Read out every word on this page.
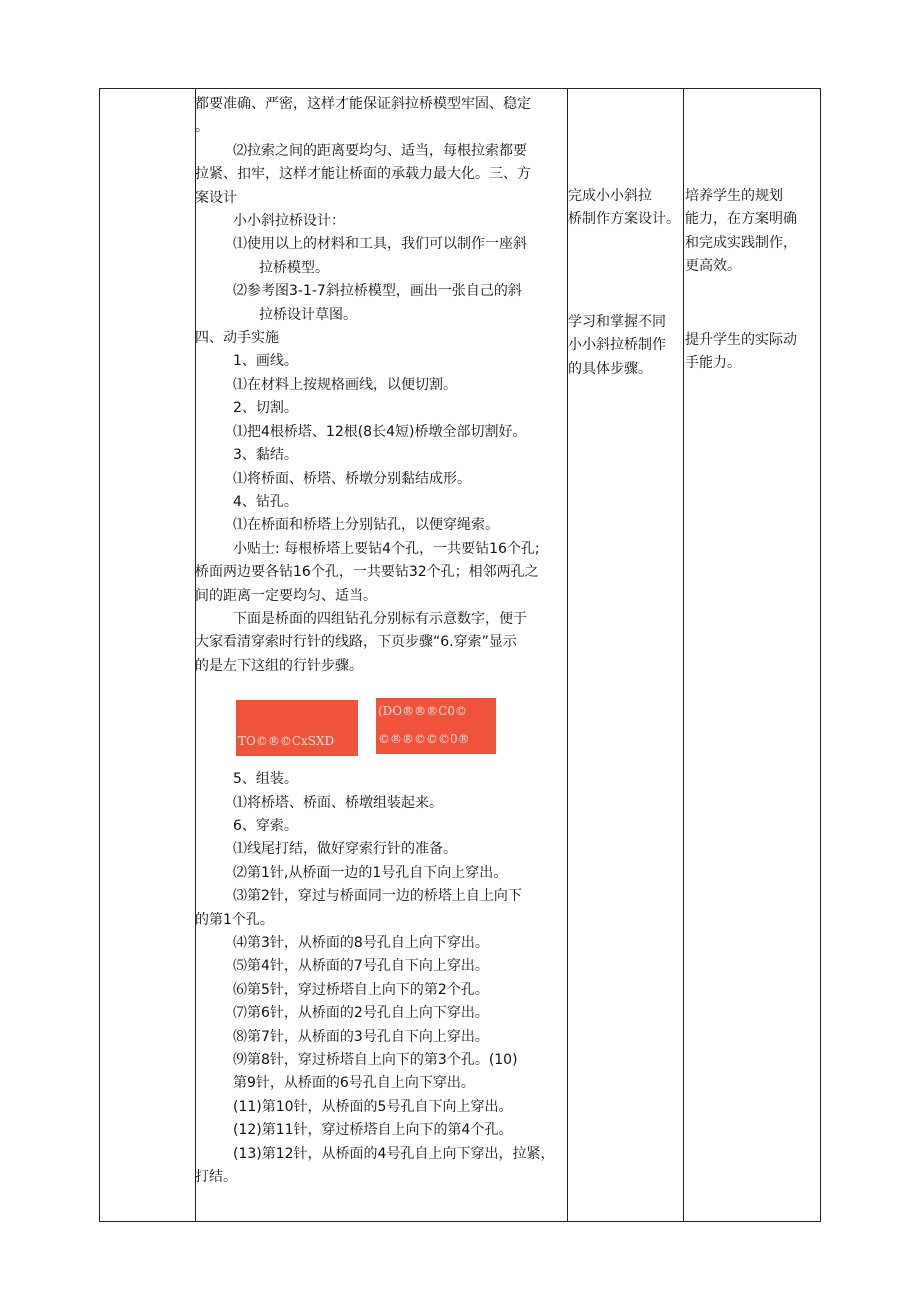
都要准确、严密，这样才能保证斜拉桥模型牢固、稳定

。

⑵拉索之间的距离要均匀、适当，每根拉索都要

拉紧、扣牢，这样才能让桥面的承载力最大化。三、方

案设计

小小斜拉桥设计：

⑴使用以上的材料和工具，我们可以制作一座斜

拉桥模型。

⑵参考图3-1-7斜拉桥模型，画出一张自己的斜

拉桥设计草图。

四、动手实施

1、画线。

⑴在材料上按规格画线，以便切割。

2、切割。

⑴把4根桥塔、12根(8长4短)桥墩全部切割好。

3、黏结。

⑴将桥面、桥塔、桥墩分别黏结成形。

4、钻孔。

⑴在桥面和桥塔上分别钻孔，以便穿绳索。

小贴士: 每根桥塔上要钻4个孔，一共要钻16个孔;

桥面两边要各钻16个孔，一共要钻32个孔；相邻两孔之

间的距离一定要均匀、适当。

下面是桥面的四组钻孔分别标有示意数字，便于

大家看清穿索时行针的线路，下页步骤“6.穿索”显示

的是左下这组的行针步骤。

TO©®©CxSXD
(DO®®®C0©
©®®©©©0®

5、组装。

⑴将桥塔、桥面、桥墩组装起来。

6、穿索。

⑴线尾打结，做好穿索行针的准备。

⑵第1针,从桥面一边的1号孔自下向上穿出。

⑶第2针，穿过与桥面同一边的桥塔上自上向下

的第1个孔。

⑷第3针，从桥面的8号孔自上向下穿出。

⑸第4针，从桥面的7号孔自下向上穿出。

⑹第5针，穿过桥塔自上向下的第2个孔。

⑺第6针，从桥面的2号孔自上向下穿出。

⑻第7针，从桥面的3号孔自下向上穿出。

⑼第8针，穿过桥塔自上向下的第3个孔。(10)

第9针，从桥面的6号孔自上向下穿出。

(11)第10针，从桥面的5号孔自下向上穿出。

(12)第11针，穿过桥塔自上向下的第4个孔。

(13)第12针，从桥面的4号孔自上向下穿出，拉紧，

打结。

完成小小斜拉

桥制作方案设计。

学习和掌握不同

小小斜拉桥制作

的具体步骤。

培养学生的规划

能力，在方案明确

和完成实践制作，

更高效。

提升学生的实际动

手能力。
